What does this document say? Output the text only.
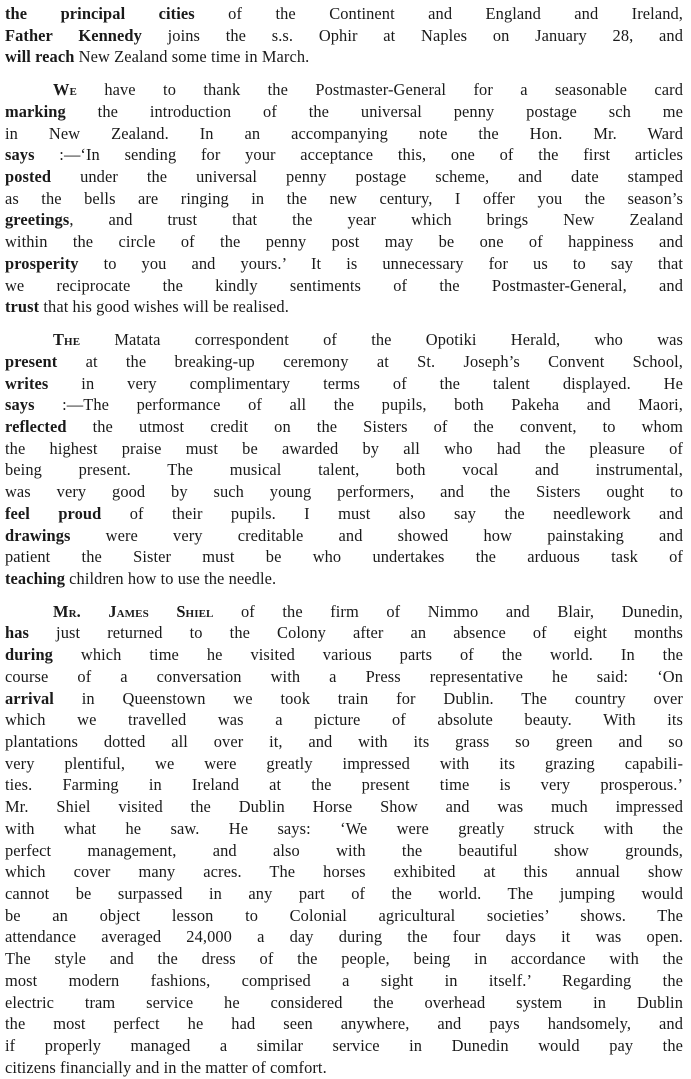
the principal cities of the Continent and England and Ireland,
Father Kennedy joins the s.s. Ophir at Naples on January 28, and
will reach New Zealand some time in March.

We have to thank the Postmaster-General for a seasonable card
marking the introduction of the universal penny postage sch me
in New Zealand. In an accompanying note the Hon. Mr. Ward
says :—‘In sending for your acceptance this, one of the first articles
posted under the universal penny postage scheme, and date stamped
as the bells are ringing in the new century, I offer you the season’s
greetings, and trust that the year which brings New Zealand
within the circle of the penny post may be one of happiness and
prosperity to you and yours.’ It is unnecessary for us to say that
we reciprocate the kindly sentiments of the Postmaster-General, and
trust that his good wishes will be realised.

The Matata correspondent of the Opotiki Herald, who was
present at the breaking-up ceremony at St. Joseph’s Convent School,
writes in very complimentary terms of the talent displayed. He
says :—The performance of all the pupils, both Pakeha and Maori,
reflected the utmost credit on the Sisters of the convent, to whom
the highest praise must be awarded by all who had the pleasure of
being present. The musical talent, both vocal and instrumental,
was very good by such young performers, and the Sisters ought to
feel proud of their pupils. I must also say the needlework and
drawings were very creditable and showed how painstaking and
patient the Sister must be who undertakes the arduous task of
teaching children how to use the needle.

Mr. James Shiel of the firm of Nimmo and Blair, Dunedin,
has just returned to the Colony after an absence of eight months
during which time he visited various parts of the world. In the
course of a conversation with a Press representative he said: ‘On
arrival in Queenstown we took train for Dublin. The country over
which we travelled was a picture of absolute beauty. With its
plantations dotted all over it, and with its grass so green and so
very plentiful, we were greatly impressed with its grazing capabili-
ties. Farming in Ireland at the present time is very prosperous.’
Mr. Shiel visited the Dublin Horse Show and was much impressed
with what he saw. He says: ‘We were greatly struck with the
perfect management, and also with the beautiful show grounds,
which cover many acres. The horses exhibited at this annual show
cannot be surpassed in any part of the world. The jumping would
be an object lesson to Colonial agricultural societies’ shows. The
attendance averaged 24,000 a day during the four days it was open.
The style and the dress of the people, being in accordance with the
most modern fashions, comprised a sight in itself.’ Regarding the
electric tram service he considered the overhead system in Dublin
the most perfect he had seen anywhere, and pays handsomely, and
if properly managed a similar service in Dunedin would pay the
citizens financially and in the matter of comfort.
